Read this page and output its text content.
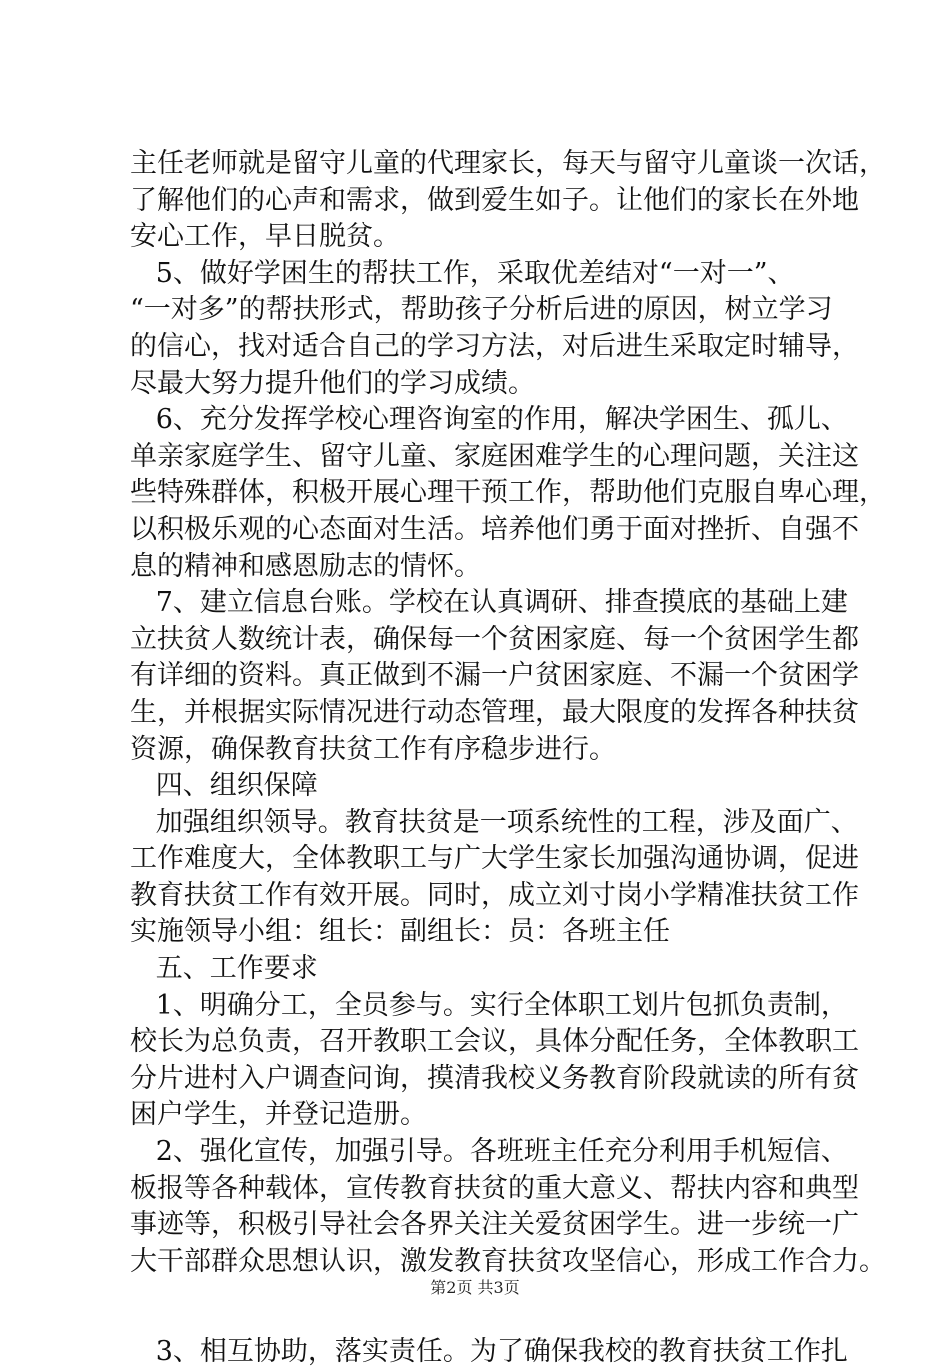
主任老师就是留守儿童的代理家长，每天与留守儿童谈一次话，
了解他们的心声和需求，做到爱生如子。让他们的家长在外地
安心工作，早日脱贫。
5、做好学困生的帮扶工作，采取优差结对“一对一”、
“一对多”的帮扶形式，帮助孩子分析后进的原因，树立学习
的信心，找对适合自己的学习方法，对后进生采取定时辅导，
尽最大努力提升他们的学习成绩。
6、充分发挥学校心理咨询室的作用，解决学困生、孤儿、
单亲家庭学生、留守儿童、家庭困难学生的心理问题，关注这
些特殊群体，积极开展心理干预工作，帮助他们克服自卑心理，
以积极乐观的心态面对生活。培养他们勇于面对挫折、自强不
息的精神和感恩励志的情怀。
7、建立信息台账。学校在认真调研、排查摸底的基础上建
立扶贫人数统计表，确保每一个贫困家庭、每一个贫困学生都
有详细的资料。真正做到不漏一户贫困家庭、不漏一个贫困学
生，并根据实际情况进行动态管理，最大限度的发挥各种扶贫
资源，确保教育扶贫工作有序稳步进行。
四、组织保障
加强组织领导。教育扶贫是一项系统性的工程，涉及面广、
工作难度大，全体教职工与广大学生家长加强沟通协调，促进
教育扶贫工作有效开展。同时，成立刘寸岗小学精准扶贫工作
实施领导小组：组长：副组长：员：各班主任
五、工作要求
1、明确分工，全员参与。实行全体职工划片包抓负责制，
校长为总负责，召开教职工会议，具体分配任务，全体教职工
分片进村入户调查问询，摸清我校义务教育阶段就读的所有贫
困户学生，并登记造册。
2、强化宣传，加强引导。各班班主任充分利用手机短信、
板报等各种载体，宣传教育扶贫的重大意义、帮扶内容和典型
事迹等，积极引导社会各界关注关爱贫困学生。进一步统一广
大干部群众思想认识，激发教育扶贫攻坚信心，形成工作合力。
3、相互协助，落实责任。为了确保我校的教育扶贫工作扎
第2页 共3页
